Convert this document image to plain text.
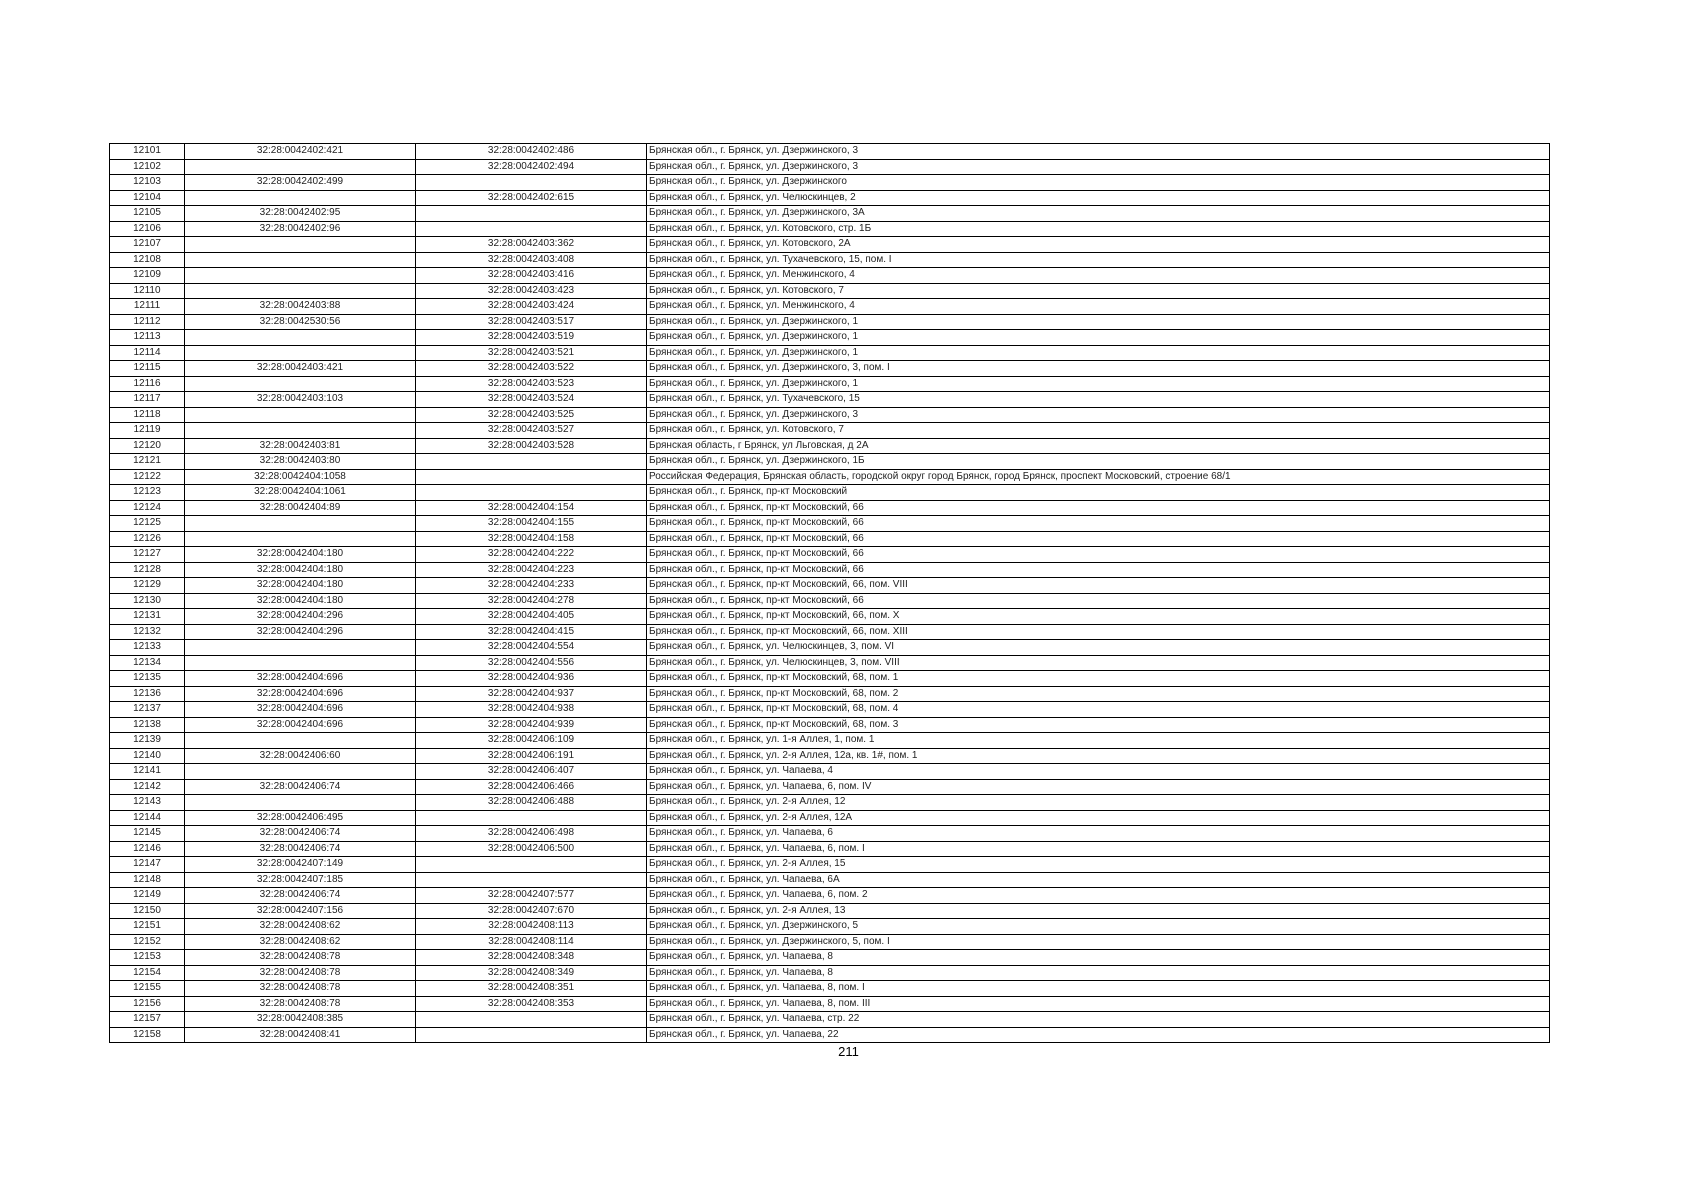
12101	32:28:0042402:421	32:28:0042402:486	Брянская обл., г. Брянск, ул. Дзержинского, 3
12102		32:28:0042402:494	Брянская обл., г. Брянск, ул. Дзержинского, 3
12103	32:28:0042402:499		Брянская обл., г. Брянск, ул. Дзержинского
12104		32:28:0042402:615	Брянская обл., г. Брянск, ул. Челюскинцев, 2
12105	32:28:0042402:95		Брянская обл., г. Брянск, ул. Дзержинского, 3А
12106	32:28:0042402:96		Брянская обл., г. Брянск, ул. Котовского, стр. 1Б
12107		32:28:0042403:362	Брянская обл., г. Брянск, ул. Котовского, 2А
12108		32:28:0042403:408	Брянская обл., г. Брянск, ул. Тухачевского, 15, пом. I
12109		32:28:0042403:416	Брянская обл., г. Брянск, ул. Менжинского, 4
12110		32:28:0042403:423	Брянская обл., г. Брянск, ул. Котовского, 7
12111	32:28:0042403:88	32:28:0042403:424	Брянская обл., г. Брянск, ул. Менжинского, 4
12112	32:28:0042530:56	32:28:0042403:517	Брянская обл., г. Брянск, ул. Дзержинского, 1
12113		32:28:0042403:519	Брянская обл., г. Брянск, ул. Дзержинского, 1
12114		32:28:0042403:521	Брянская обл., г. Брянск, ул. Дзержинского, 1
12115	32:28:0042403:421	32:28:0042403:522	Брянская обл., г. Брянск, ул. Дзержинского, 3, пом. I
12116		32:28:0042403:523	Брянская обл., г. Брянск, ул. Дзержинского, 1
12117	32:28:0042403:103	32:28:0042403:524	Брянская обл., г. Брянск, ул. Тухачевского, 15
12118		32:28:0042403:525	Брянская обл., г. Брянск, ул. Дзержинского, 3
12119		32:28:0042403:527	Брянская обл., г. Брянск, ул. Котовского, 7
12120	32:28:0042403:81	32:28:0042403:528	Брянская область, г Брянск, ул Льговская, д 2А
12121	32:28:0042403:80		Брянская обл., г. Брянск, ул. Дзержинского, 1Б
12122	32:28:0042404:1058		Российская Федерация, Брянская область, городской округ город Брянск, город Брянск, проспект Московский, строение 68/1
12123	32:28:0042404:1061		Брянская обл., г. Брянск, пр-кт Московский
12124	32:28:0042404:89	32:28:0042404:154	Брянская обл., г. Брянск, пр-кт Московский, 66
12125		32:28:0042404:155	Брянская обл., г. Брянск, пр-кт Московский, 66
12126		32:28:0042404:158	Брянская обл., г. Брянск, пр-кт Московский, 66
12127	32:28:0042404:180	32:28:0042404:222	Брянская обл., г. Брянск, пр-кт Московский, 66
12128	32:28:0042404:180	32:28:0042404:223	Брянская обл., г. Брянск, пр-кт Московский, 66
12129	32:28:0042404:180	32:28:0042404:233	Брянская обл., г. Брянск, пр-кт Московский, 66, пом. VIII
12130	32:28:0042404:180	32:28:0042404:278	Брянская обл., г. Брянск, пр-кт Московский, 66
12131	32:28:0042404:296	32:28:0042404:405	Брянская обл., г. Брянск, пр-кт Московский, 66, пом. X
12132	32:28:0042404:296	32:28:0042404:415	Брянская обл., г. Брянск, пр-кт Московский, 66, пом. XIII
12133		32:28:0042404:554	Брянская обл., г. Брянск, ул. Челюскинцев, 3, пом. VI
12134		32:28:0042404:556	Брянская обл., г. Брянск, ул. Челюскинцев, 3, пом. VIII
12135	32:28:0042404:696	32:28:0042404:936	Брянская обл., г. Брянск, пр-кт Московский, 68, пом. 1
12136	32:28:0042404:696	32:28:0042404:937	Брянская обл., г. Брянск, пр-кт Московский, 68, пом. 2
12137	32:28:0042404:696	32:28:0042404:938	Брянская обл., г. Брянск, пр-кт Московский, 68, пом. 4
12138	32:28:0042404:696	32:28:0042404:939	Брянская обл., г. Брянск, пр-кт Московский, 68, пом. 3
12139		32:28:0042406:109	Брянская обл., г. Брянск, ул. 1-я Аллея, 1, пом. 1
12140	32:28:0042406:60	32:28:0042406:191	Брянская обл., г. Брянск, ул. 2-я Аллея, 12а, кв. 1#, пом. 1
12141		32:28:0042406:407	Брянская обл., г. Брянск, ул. Чапаева, 4
12142	32:28:0042406:74	32:28:0042406:466	Брянская обл., г. Брянск, ул. Чапаева, 6, пом. IV
12143		32:28:0042406:488	Брянская обл., г. Брянск, ул. 2-я Аллея, 12
12144	32:28:0042406:495		Брянская обл., г. Брянск, ул. 2-я Аллея, 12А
12145	32:28:0042406:74	32:28:0042406:498	Брянская обл., г. Брянск, ул. Чапаева, 6
12146	32:28:0042406:74	32:28:0042406:500	Брянская обл., г. Брянск, ул. Чапаева, 6, пом. I
12147	32:28:0042407:149		Брянская обл., г. Брянск, ул. 2-я Аллея, 15
12148	32:28:0042407:185		Брянская обл., г. Брянск, ул. Чапаева, 6А
12149	32:28:0042406:74	32:28:0042407:577	Брянская обл., г. Брянск, ул. Чапаева, 6, пом. 2
12150	32:28:0042407:156	32:28:0042407:670	Брянская обл., г. Брянск, ул. 2-я Аллея, 13
12151	32:28:0042408:62	32:28:0042408:113	Брянская обл., г. Брянск, ул. Дзержинского, 5
12152	32:28:0042408:62	32:28:0042408:114	Брянская обл., г. Брянск, ул. Дзержинского, 5, пом. I
12153	32:28:0042408:78	32:28:0042408:348	Брянская обл., г. Брянск, ул. Чапаева, 8
12154	32:28:0042408:78	32:28:0042408:349	Брянская обл., г. Брянск, ул. Чапаева, 8
12155	32:28:0042408:78	32:28:0042408:351	Брянская обл., г. Брянск, ул. Чапаева, 8, пом. I
12156	32:28:0042408:78	32:28:0042408:353	Брянская обл., г. Брянск, ул. Чапаева, 8, пом. III
12157	32:28:0042408:385		Брянская обл., г. Брянск, ул. Чапаева, стр. 22
12158	32:28:0042408:41		Брянская обл., г. Брянск, ул. Чапаева, 22
211
